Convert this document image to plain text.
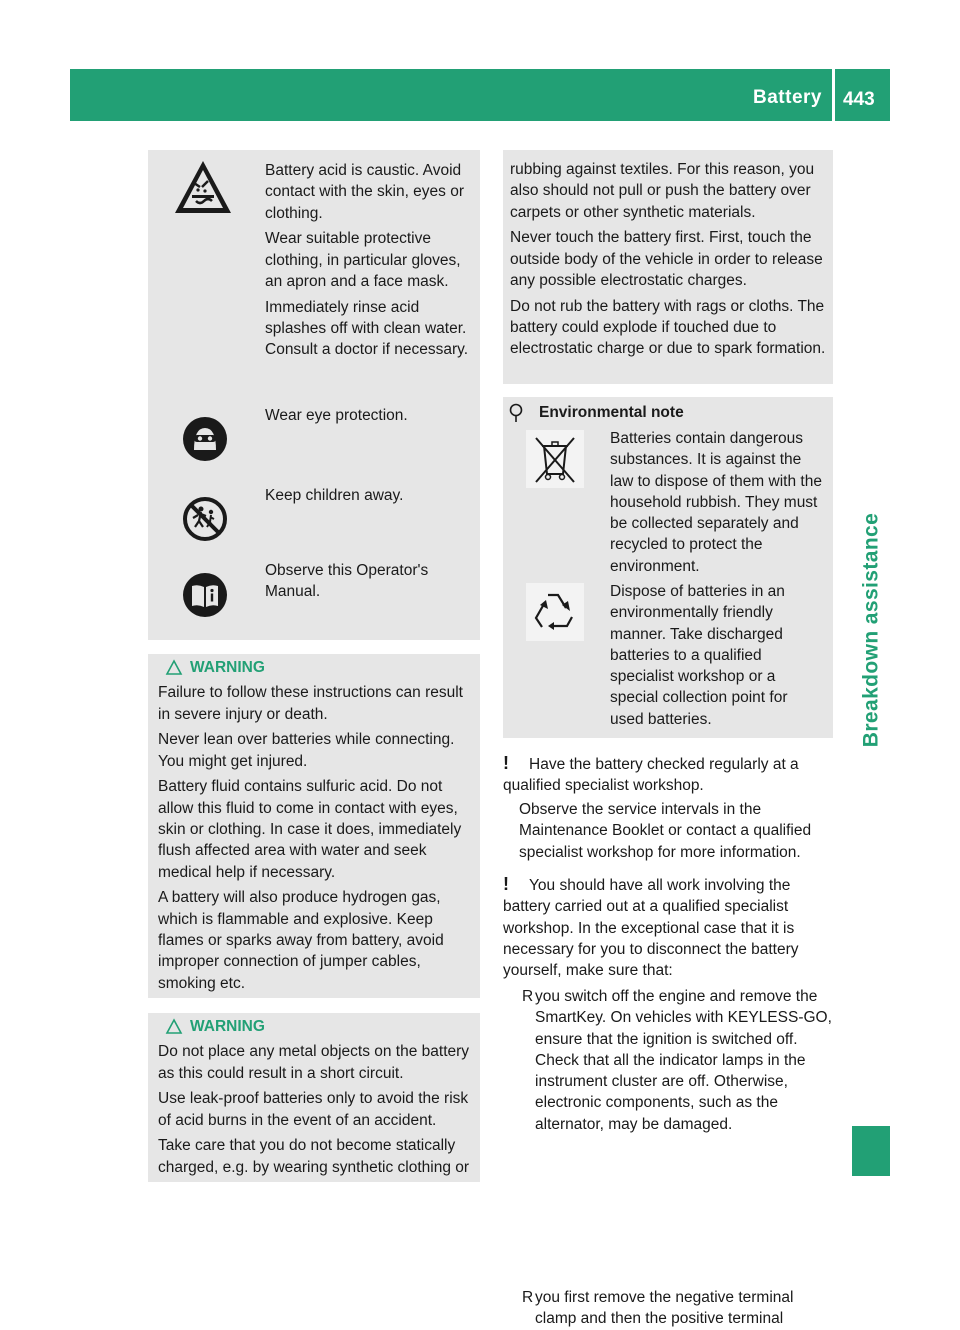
Battery 443
Breakdown assistance

Battery acid is caustic. Avoid contact with the skin, eyes or clothing.

Wear suitable protective clothing, in particular gloves, an apron and a face mask.

Immediately rinse acid splashes off with clean water. Consult a doctor if necessary.

Wear eye protection.
Keep children away.
Observe this Operator's Manual.
WARNING

Failure to follow these instructions can result in severe injury or death.

Never lean over batteries while connecting. You might get injured.

Battery fluid contains sulfuric acid. Do not allow this fluid to come in contact with eyes, skin or clothing. In case it does, immediately flush affected area with water and seek medical help if necessary.

A battery will also produce hydrogen gas, which is flammable and explosive. Keep flames or sparks away from battery, avoid improper connection of jumper cables, smoking etc.

WARNING

Do not place any metal objects on the battery as this could result in a short circuit.

Use leak-proof batteries only to avoid the risk of acid burns in the event of an accident.

Take care that you do not become statically charged, e.g. by wearing synthetic clothing or

rubbing against textiles. For this reason, you also should not pull or push the battery over carpets or other synthetic materials.

Never touch the battery first. First, touch the outside body of the vehicle in order to release any possible electrostatic charges.

Do not rub the battery with rags or cloths. The battery could explode if touched due to electrostatic charge or due to spark formation.

Environmental note
Batteries contain dangerous substances. It is against the law to dispose of them with the household rubbish. They must be collected separately and recycled to protect the environment.
Dispose of batteries in an environmentally friendly manner. Take discharged batteries to a qualified specialist workshop or a special collection point for used batteries.
! Have the battery checked regularly at a qualified specialist workshop.
Observe the service intervals in the Maintenance Booklet or contact a qualified specialist workshop for more information.
! You should have all work involving the battery carried out at a qualified specialist workshop. In the exceptional case that it is necessary for you to disconnect the battery yourself, make sure that:
R you switch off the engine and remove the SmartKey. On vehicles with KEYLESS-GO, ensure that the ignition is switched off. Check that all the indicator lamps in the instrument cluster are off. Otherwise, electronic components, such as the alternator, may be damaged.
R you first remove the negative terminal clamp and then the positive terminal
